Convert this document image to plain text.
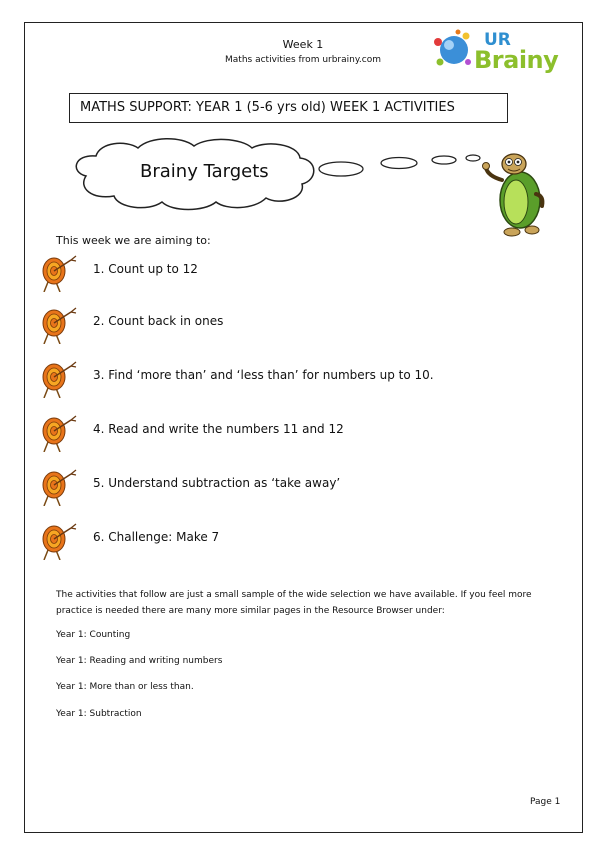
Week 1
Maths activities from urbrainy.com
UR
Brainy
MATHS SUPPORT: YEAR 1 (5-6 yrs old) WEEK 1 ACTIVITIES
Brainy Targets
This week we are aiming to:
1. Count up to 12
2. Count back in ones
3. Find ‘more than’ and ‘less than’ for numbers up to 10.
4. Read and write the numbers 11 and 12
5. Understand subtraction as ‘take away’
6. Challenge: Make 7
The activities that follow are just a small sample of the wide selection we have available. If you feel more practice is needed there are many more similar pages in the Resource Browser under:
Year 1: Counting
Year 1: Reading and writing numbers
Year 1: More than or less than.
Year 1: Subtraction
Page 1
